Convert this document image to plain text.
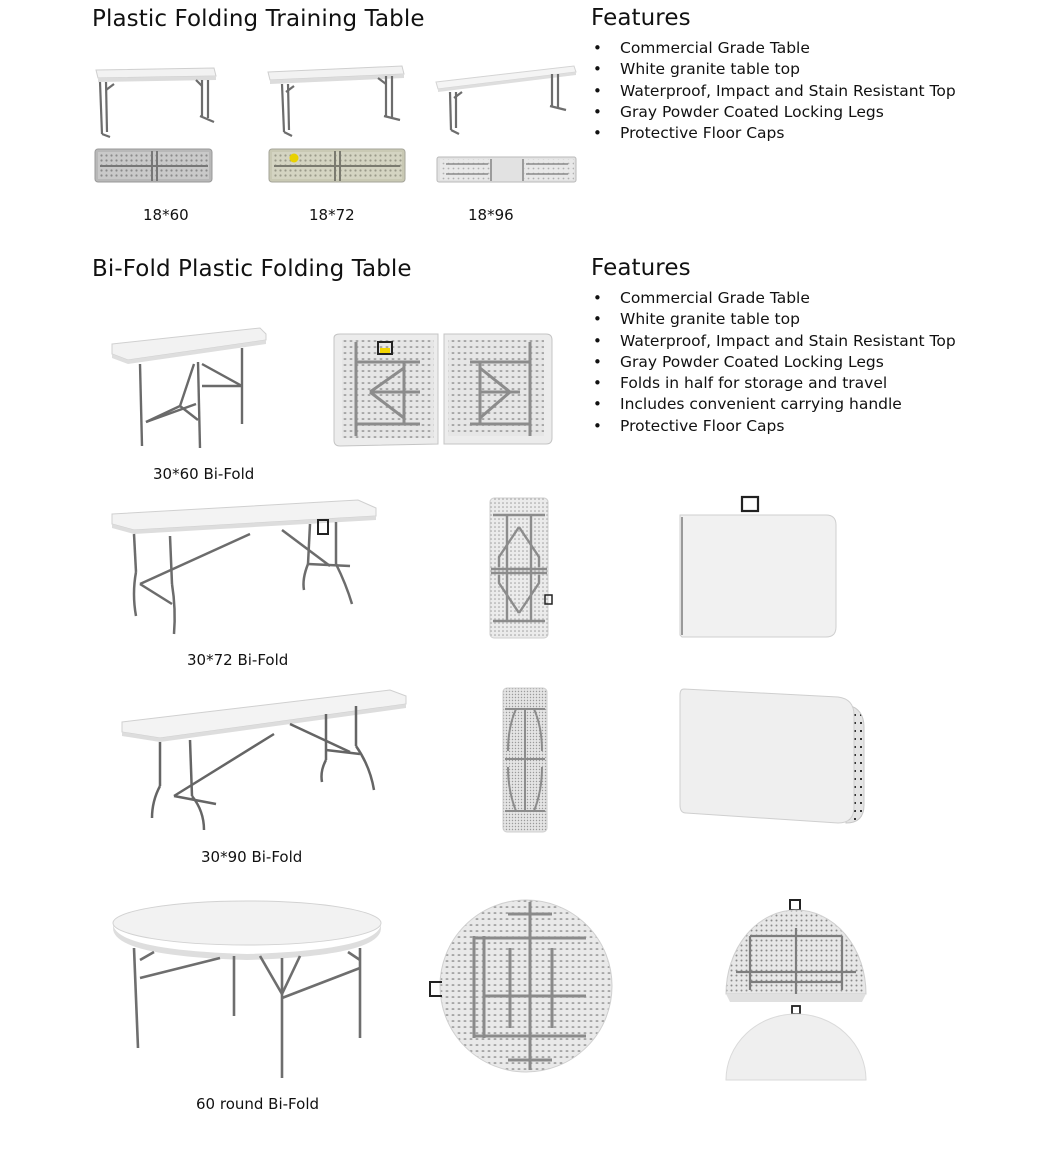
Plastic Folding Training Table	Features
• Commercial Grade Table
• White granite table top
• Waterproof, Impact and Stain Resistant Top
• Gray Powder Coated Locking Legs
• Protective Floor Caps
18*60	18*72	18*96
Bi-Fold Plastic Folding Table	Features
• Commercial Grade Table
• White granite table top
• Waterproof, Impact and Stain Resistant Top
• Gray Powder Coated Locking Legs
• Folds in half for storage and travel
• Includes convenient carrying handle
• Protective Floor Caps
30*60 Bi-Fold
30*72 Bi-Fold
30*90 Bi-Fold
60 round Bi-Fold
